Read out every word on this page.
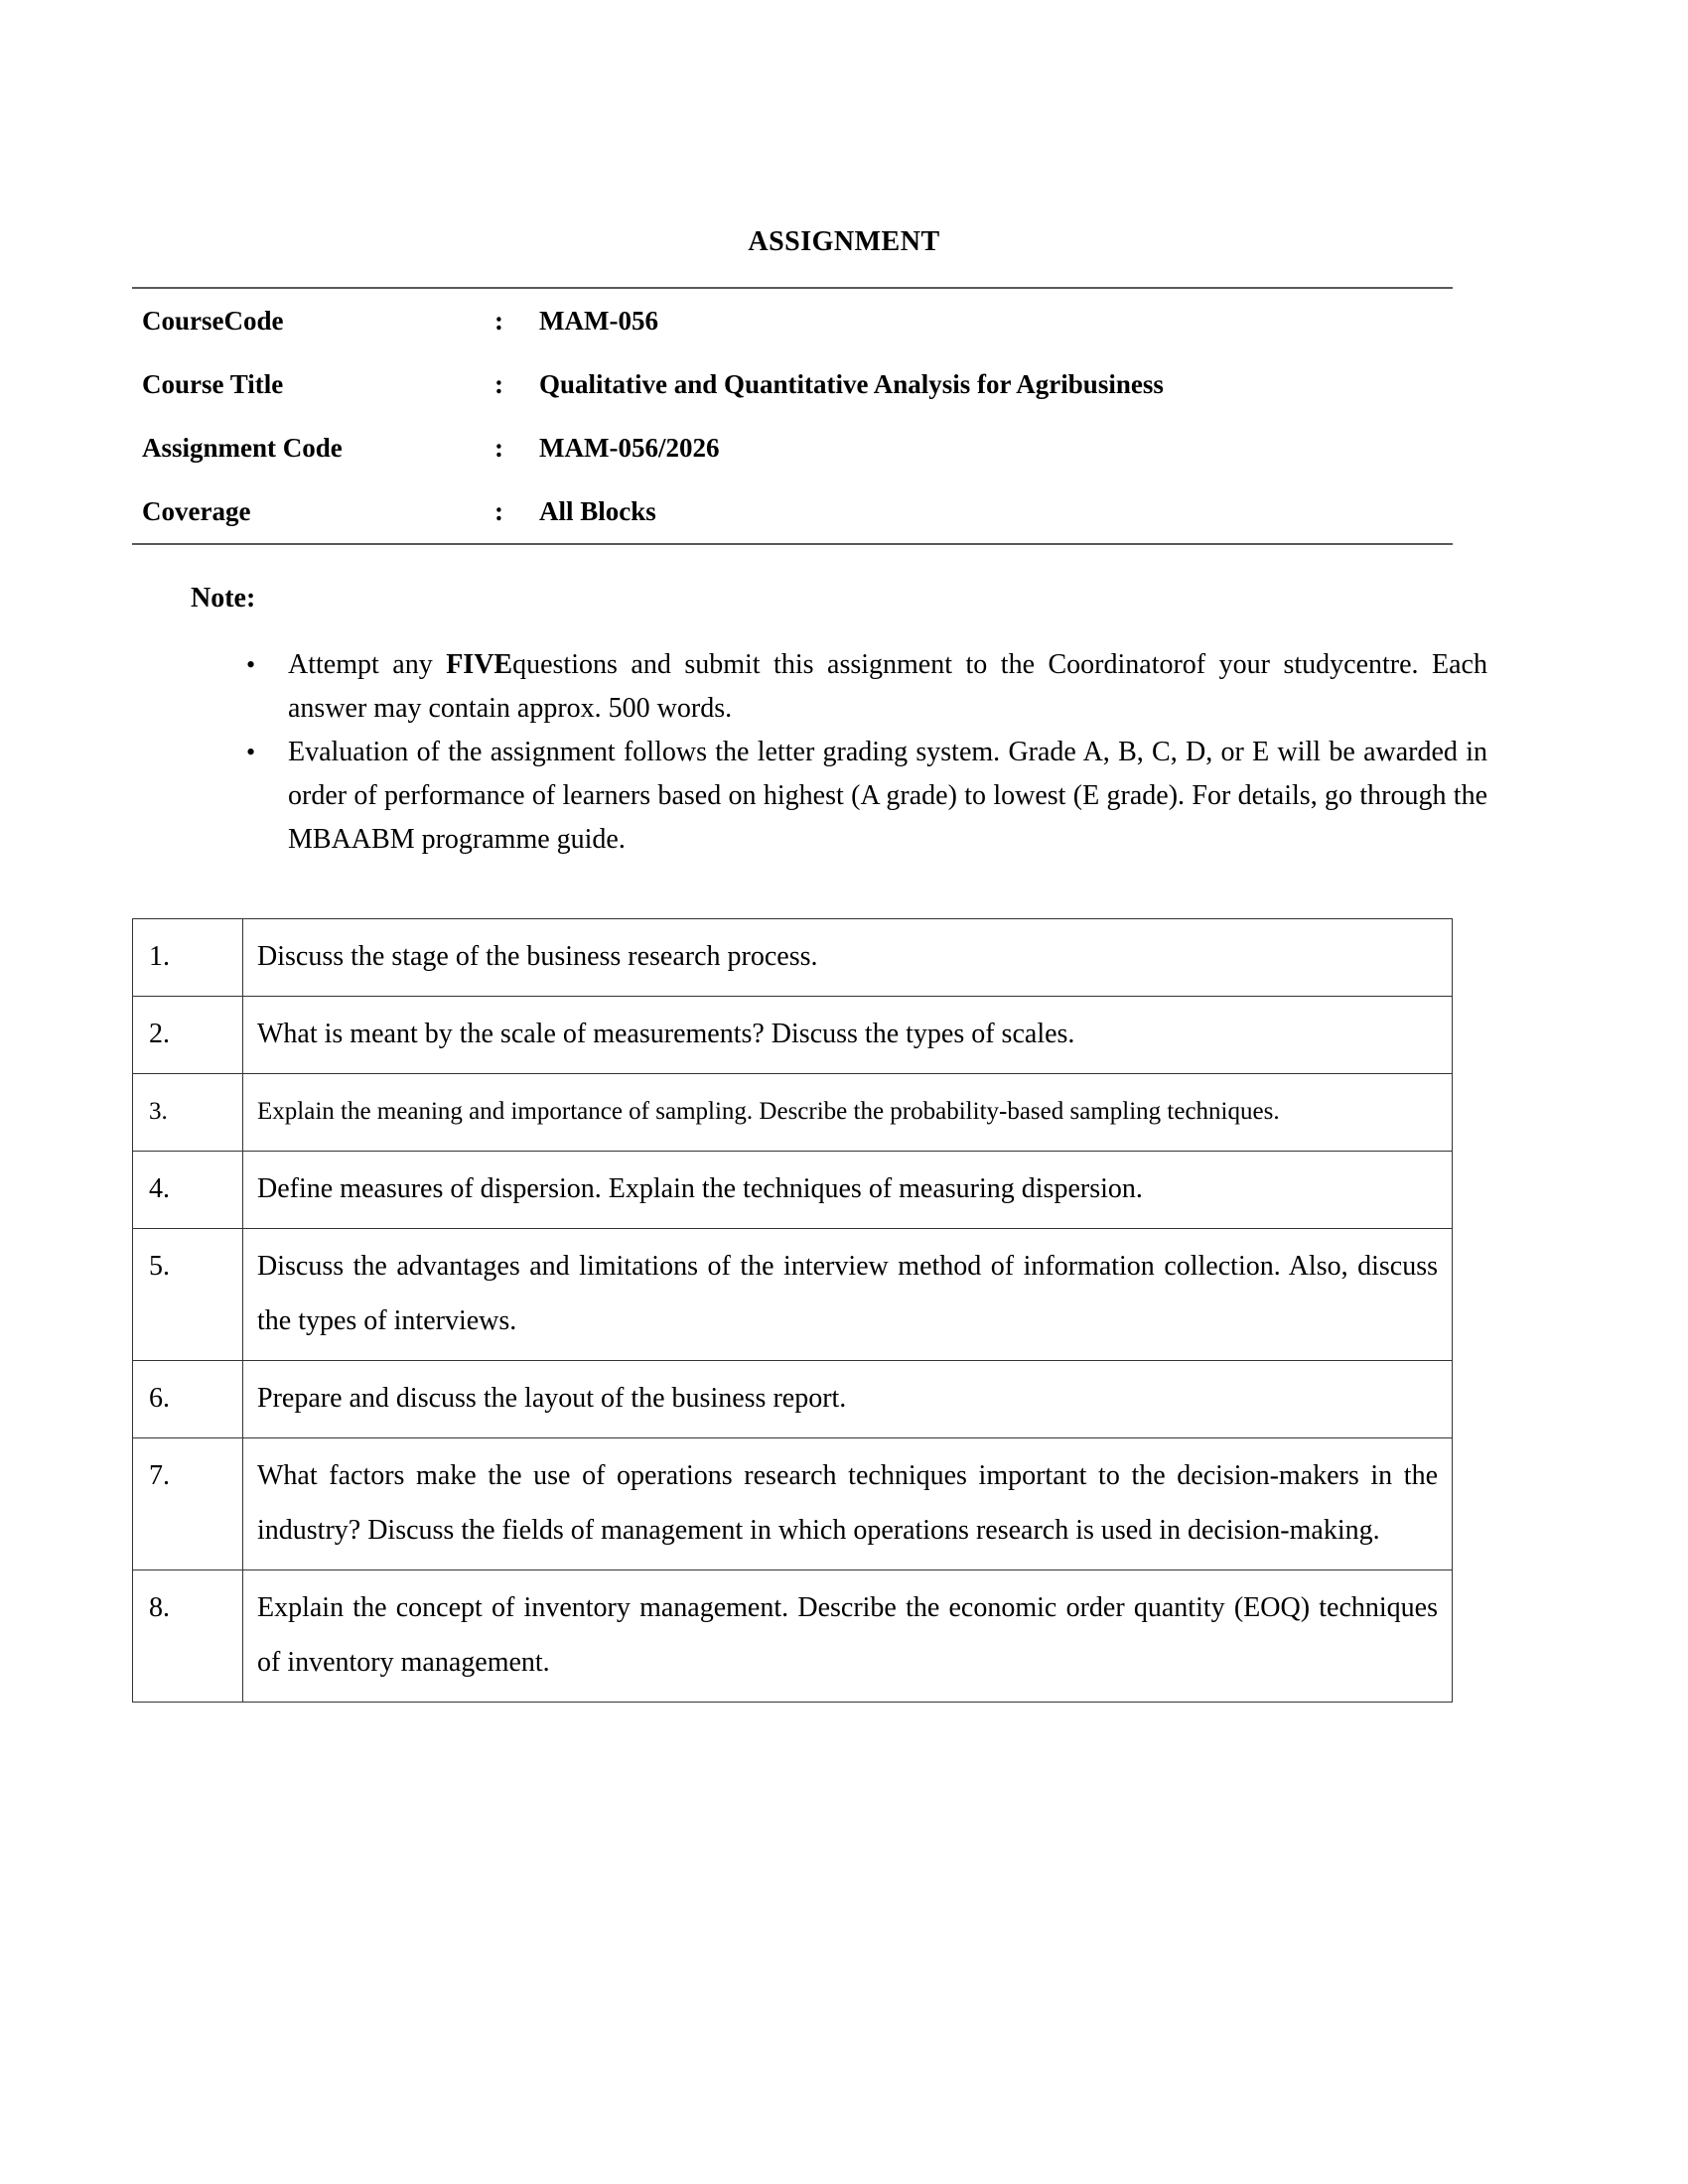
ASSIGNMENT
CourseCode	:	MAM-056
Course Title	:	Qualitative and Quantitative Analysis for Agribusiness
Assignment Code	:	MAM-056/2026
Coverage	:	All Blocks
Note:
•	Attempt any FIVEquestions and submit this assignment to the Coordinatorof your studycentre. Each answer may contain approx. 500 words.
•	Evaluation of the assignment follows the letter grading system. Grade A, B, C, D, or E will be awarded in order of performance of learners based on highest (A grade) to lowest (E grade). For details, go through the MBAABM programme guide.
1.	Discuss the stage of the business research process.
2.	What is meant by the scale of measurements? Discuss the types of scales.
3.	Explain the meaning and importance of sampling. Describe the probability-based sampling techniques.
4.	Define measures of dispersion. Explain the techniques of measuring dispersion.
5.	Discuss the advantages and limitations of the interview method of information collection. Also, discuss the types of interviews.
6.	Prepare and discuss the layout of the business report.
7.	What factors make the use of operations research techniques important to the decision-makers in the industry? Discuss the fields of management in which operations research is used in decision-making.
8.	Explain the concept of inventory management. Describe the economic order quantity (EOQ) techniques of inventory management.
